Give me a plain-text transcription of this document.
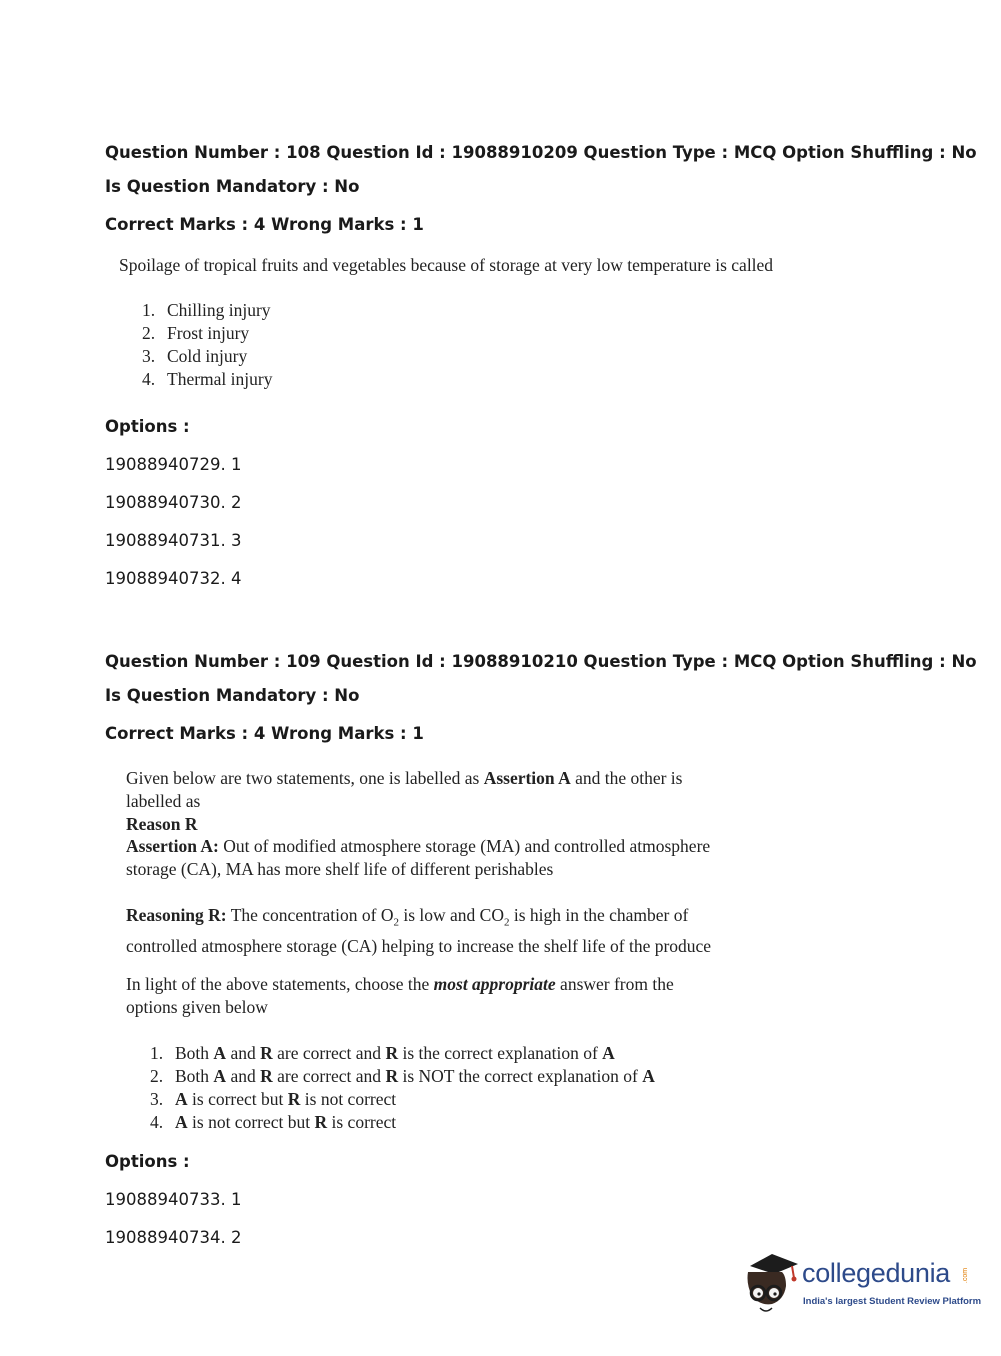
Question Number : 108 Question Id : 19088910209 Question Type : MCQ Option Shuffling : No
Is Question Mandatory : No
Correct Marks : 4 Wrong Marks : 1
Spoilage of tropical fruits and vegetables because of storage at very low temperature is called
1. Chilling injury
2. Frost injury
3. Cold injury
4. Thermal injury
Options :
19088940729. 1
19088940730. 2
19088940731. 3
19088940732. 4
Question Number : 109 Question Id : 19088910210 Question Type : MCQ Option Shuffling : No
Is Question Mandatory : No
Correct Marks : 4 Wrong Marks : 1
Given below are two statements, one is labelled as Assertion A and the other is labelled as
Reason R
Assertion A: Out of modified atmosphere storage (MA) and controlled atmosphere storage (CA), MA has more shelf life of different perishables
Reasoning R: The concentration of $O_2$ is low and $CO_2$ is high in the chamber of controlled atmosphere storage (CA) helping to increase the shelf life of the produce
In light of the above statements, choose the most appropriate answer from the options given below
1. Both A and R are correct and R is the correct explanation of A
2. Both A and R are correct and R is NOT the correct explanation of A
3. A is correct but R is not correct
4. A is not correct but R is correct
Options :
19088940733. 1
19088940734. 2
collegedunia .com
India's largest Student Review Platform
